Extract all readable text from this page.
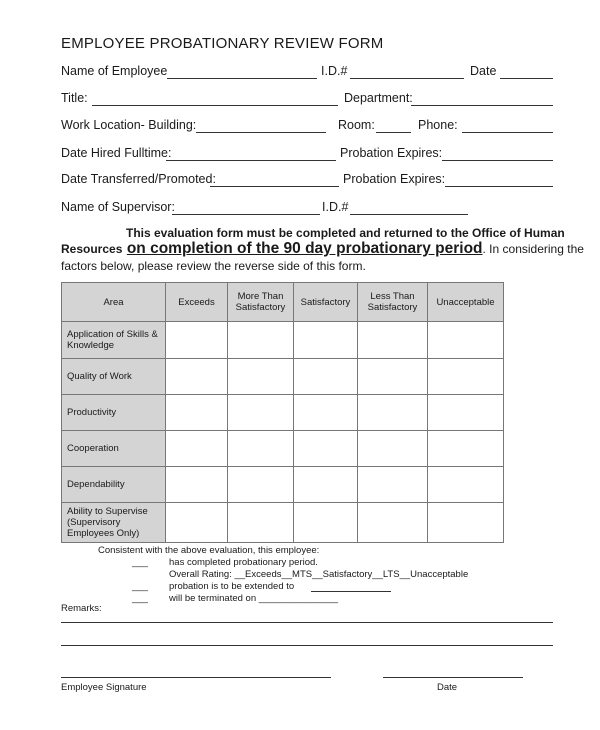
EMPLOYEE PROBATIONARY REVIEW FORM
Name of Employee	I.D.#	Date
Title:	Department:
Work Location- Building:	Room:	Phone:
Date Hired Fulltime:	Probation Expires:
Date Transferred/Promoted:	Probation Expires:
Name of Supervisor:	I.D.#
This evaluation form must be completed and returned to the Office of Human
Resources on completion of the 90 day probationary period. In considering the
factors below, please review the reverse side of this form.
Area	Exceeds	More Than Satisfactory	Satisfactory	Less Than Satisfactory	Unacceptable
Application of Skills & Knowledge					
Quality of Work					
Productivity					
Cooperation					
Dependability					
Ability to Supervise (Supervisory Employees Only)					
Consistent with the above evaluation, this employee:
___ has completed probationary period.
Overall Rating: __Exceeds__MTS__Satisfactory__LTS__Unacceptable
___ probation is to be extended to
___ will be terminated on _______________
Remarks:
Employee Signature	Date
